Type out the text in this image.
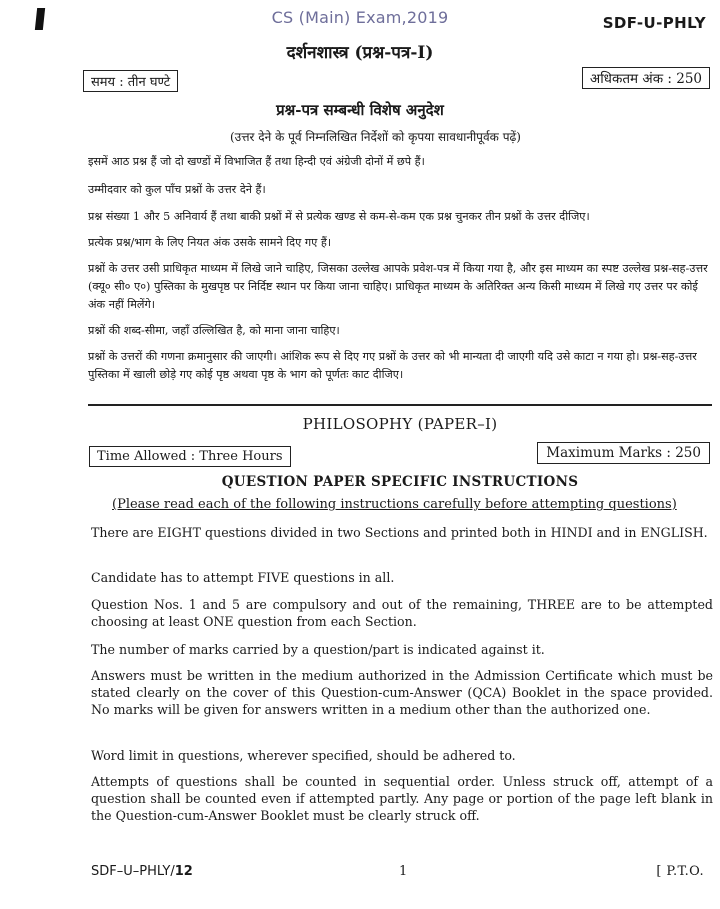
CS (Main) Exam,2019	SDF-U-PHLY
दर्शनशास्त्र (प्रश्न-पत्र-I)
समय : तीन घण्टे	अधिकतम अंक : 250
प्रश्न-पत्र सम्बन्धी विशेष अनुदेश
(उत्तर देने के पूर्व निम्नलिखित निर्देशों को कृपया सावधानीपूर्वक पढ़ें)

इसमें आठ प्रश्न हैं जो दो खण्डों में विभाजित हैं तथा हिन्दी एवं अंग्रेजी दोनों में छपे हैं।

उम्मीदवार को कुल पाँच प्रश्नों के उत्तर देने हैं।

प्रश्न संख्या 1 और 5 अनिवार्य हैं तथा बाकी प्रश्नों में से प्रत्येक खण्ड से कम-से-कम एक प्रश्न चुनकर तीन प्रश्नों के उत्तर दीजिए।

प्रत्येक प्रश्न/भाग के लिए नियत अंक उसके सामने दिए गए हैं।

प्रश्नों के उत्तर उसी प्राधिकृत माध्यम में लिखे जाने चाहिए, जिसका उल्लेख आपके प्रवेश-पत्र में किया गया है, और इस माध्यम का स्पष्ट उल्लेख प्रश्न-सह-उत्तर (क्यू० सी० ए०) पुस्तिका के मुखपृष्ठ पर निर्दिष्ट स्थान पर किया जाना चाहिए। प्राधिकृत माध्यम के अतिरिक्त अन्य किसी माध्यम में लिखे गए उत्तर पर कोई अंक नहीं मिलेंगे।

प्रश्नों की शब्द-सीमा, जहाँ उल्लिखित है, को माना जाना चाहिए।

प्रश्नों के उत्तरों की गणना क्रमानुसार की जाएगी। आंशिक रूप से दिए गए प्रश्नों के उत्तर को भी मान्यता दी जाएगी यदि उसे काटा न गया हो। प्रश्न-सह-उत्तर पुस्तिका में खाली छोड़े गए कोई पृष्ठ अथवा पृष्ठ के भाग को पूर्णतः काट दीजिए।

PHILOSOPHY (PAPER–I)
Time Allowed : Three Hours	Maximum Marks : 250
QUESTION PAPER SPECIFIC INSTRUCTIONS
(Please read each of the following instructions carefully before attempting questions)

There are EIGHT questions divided in two Sections and printed both in HINDI and in ENGLISH.

Candidate has to attempt FIVE questions in all.

Question Nos. 1 and 5 are compulsory and out of the remaining, THREE are to be attempted choosing at least ONE question from each Section.

The number of marks carried by a question/part is indicated against it.

Answers must be written in the medium authorized in the Admission Certificate which must be stated clearly on the cover of this Question-cum-Answer (QCA) Booklet in the space provided. No marks will be given for answers written in a medium other than the authorized one.

Word limit in questions, wherever specified, should be adhered to.

Attempts of questions shall be counted in sequential order. Unless struck off, attempt of a question shall be counted even if attempted partly. Any page or portion of the page left blank in the Question-cum-Answer Booklet must be clearly struck off.

SDF–U–PHLY/12	1	[ P.T.O.
